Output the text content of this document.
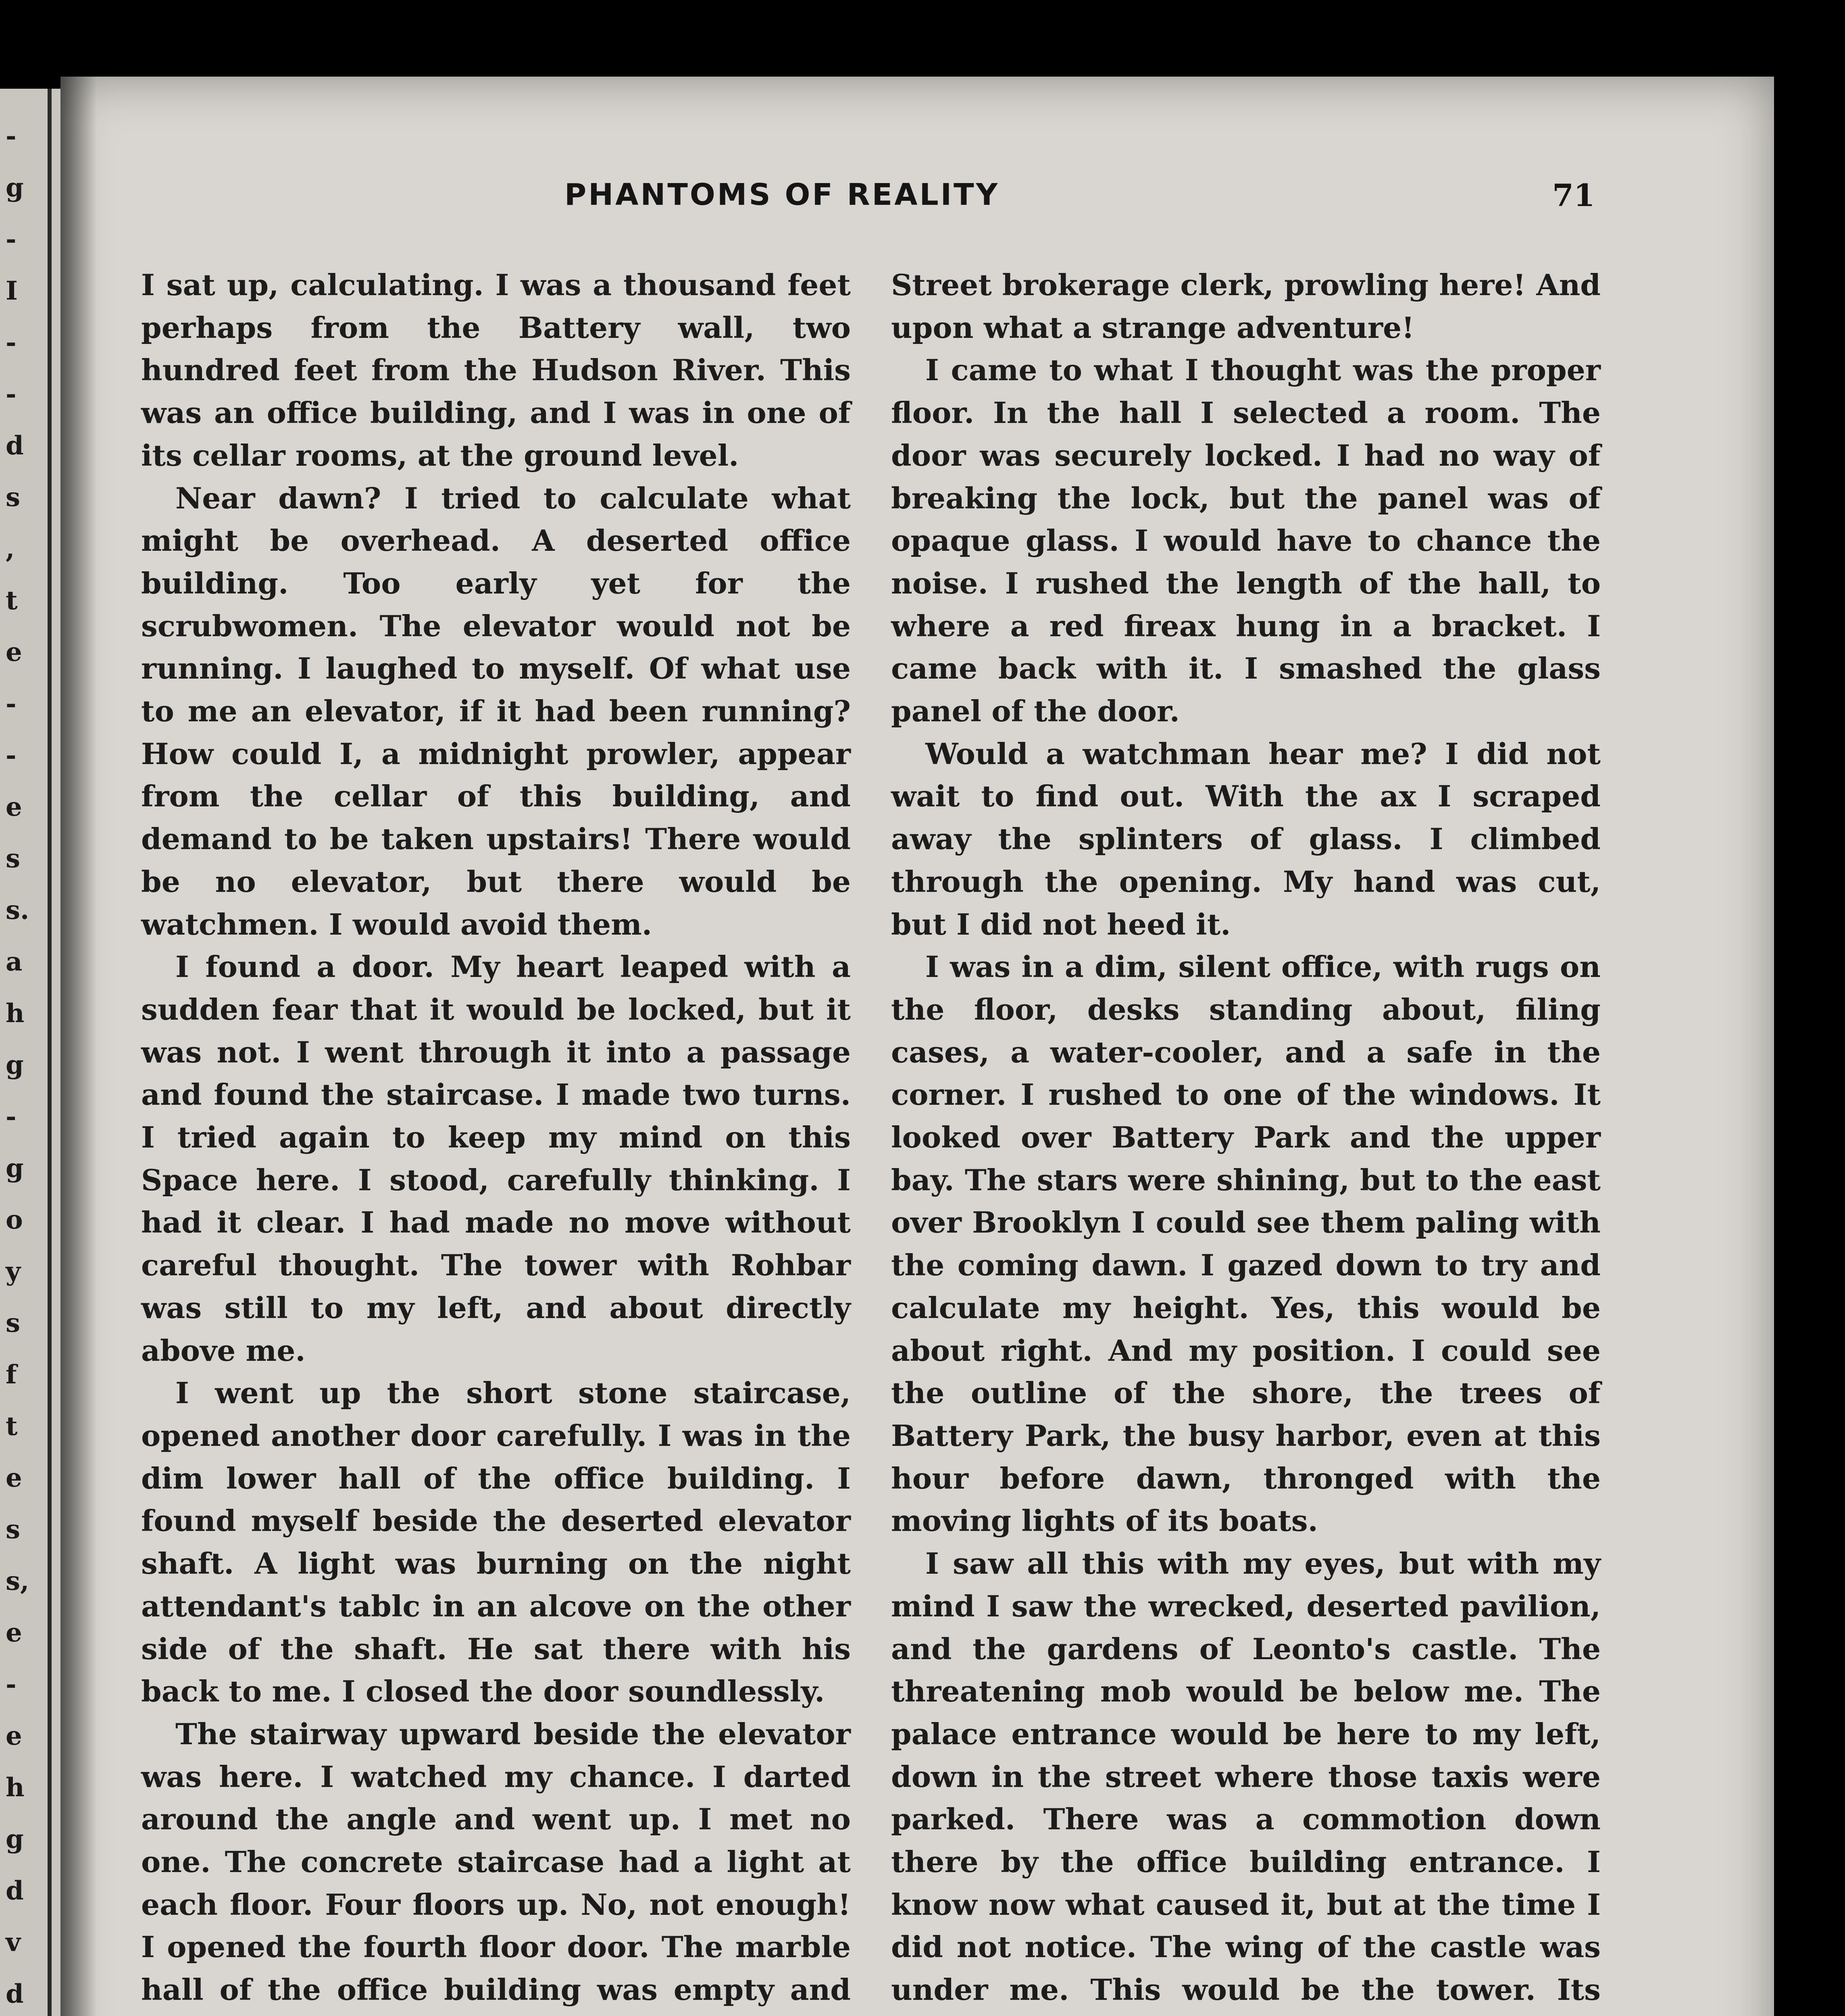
-
g
-
I
-
-
d
s
,
t
e
-
-
e
s
s.
a
h
g
-
g
o
y
s
f
t
e
s
s,
e
-
e
h
g
d
v
d
PHANTOMS OF REALITY	71

I sat up, calculating. I was a thousand feet perhaps from the Battery wall, two hundred feet from the Hudson River. This was an office building, and I was in one of its cellar rooms, at the ground level.

Near dawn? I tried to calculate what might be overhead. A deserted office building. Too early yet for the scrubwomen. The elevator would not be running. I laughed to myself. Of what use to me an elevator, if it had been running? How could I, a midnight prowler, appear from the cellar of this building, and demand to be taken upstairs! There would be no elevator, but there would be watchmen. I would avoid them.

I found a door. My heart leaped with a sudden fear that it would be locked, but it was not. I went through it into a passage and found the staircase. I made two turns. I tried again to keep my mind on this Space here. I stood, carefully thinking. I had it clear. I had made no move without careful thought. The tower with Rohbar was still to my left, and about directly above me.

I went up the short stone staircase, opened another door carefully. I was in the dim lower hall of the office building. I found myself beside the deserted elevator shaft. A light was burning on the night attendant's tablc in an alcove on the other side of the shaft. He sat there with his back to me. I closed the door soundlessly.

The stairway upward beside the elevator was here. I watched my chance. I darted around the angle and went up. I met no one. The concrete staircase had a light at each floor. Four floors up. No, not enough! I opened the fourth floor door. The marble hall of the office building was empty and

Street brokerage clerk, prowling here! And upon what a strange adventure!

I came to what I thought was the proper floor. In the hall I selected a room. The door was securely locked. I had no way of breaking the lock, but the panel was of opaque glass. I would have to chance the noise. I rushed the length of the hall, to where a red fireax hung in a bracket. I came back with it. I smashed the glass panel of the door.

Would a watchman hear me? I did not wait to find out. With the ax I scraped away the splinters of glass. I climbed through the opening. My hand was cut, but I did not heed it.

I was in a dim, silent office, with rugs on the floor, desks standing about, filing cases, a water-cooler, and a safe in the corner. I rushed to one of the windows. It looked over Battery Park and the upper bay. The stars were shining, but to the east over Brooklyn I could see them paling with the coming dawn. I gazed down to try and calculate my height. Yes, this would be about right. And my position. I could see the outline of the shore, the trees of Battery Park, the busy harbor, even at this hour before dawn, thronged with the moving lights of its boats.

I saw all this with my eyes, but with my mind I saw the wrecked, deserted pavilion, and the gardens of Leonto's castle. The threatening mob would be below me. The palace entrance would be here to my left, down in the street where those taxis were parked. There was a commotion down there by the office building entrance. I know now what caused it, but at the time I did not notice. The wing of the castle was under me. This would be the tower. Its
